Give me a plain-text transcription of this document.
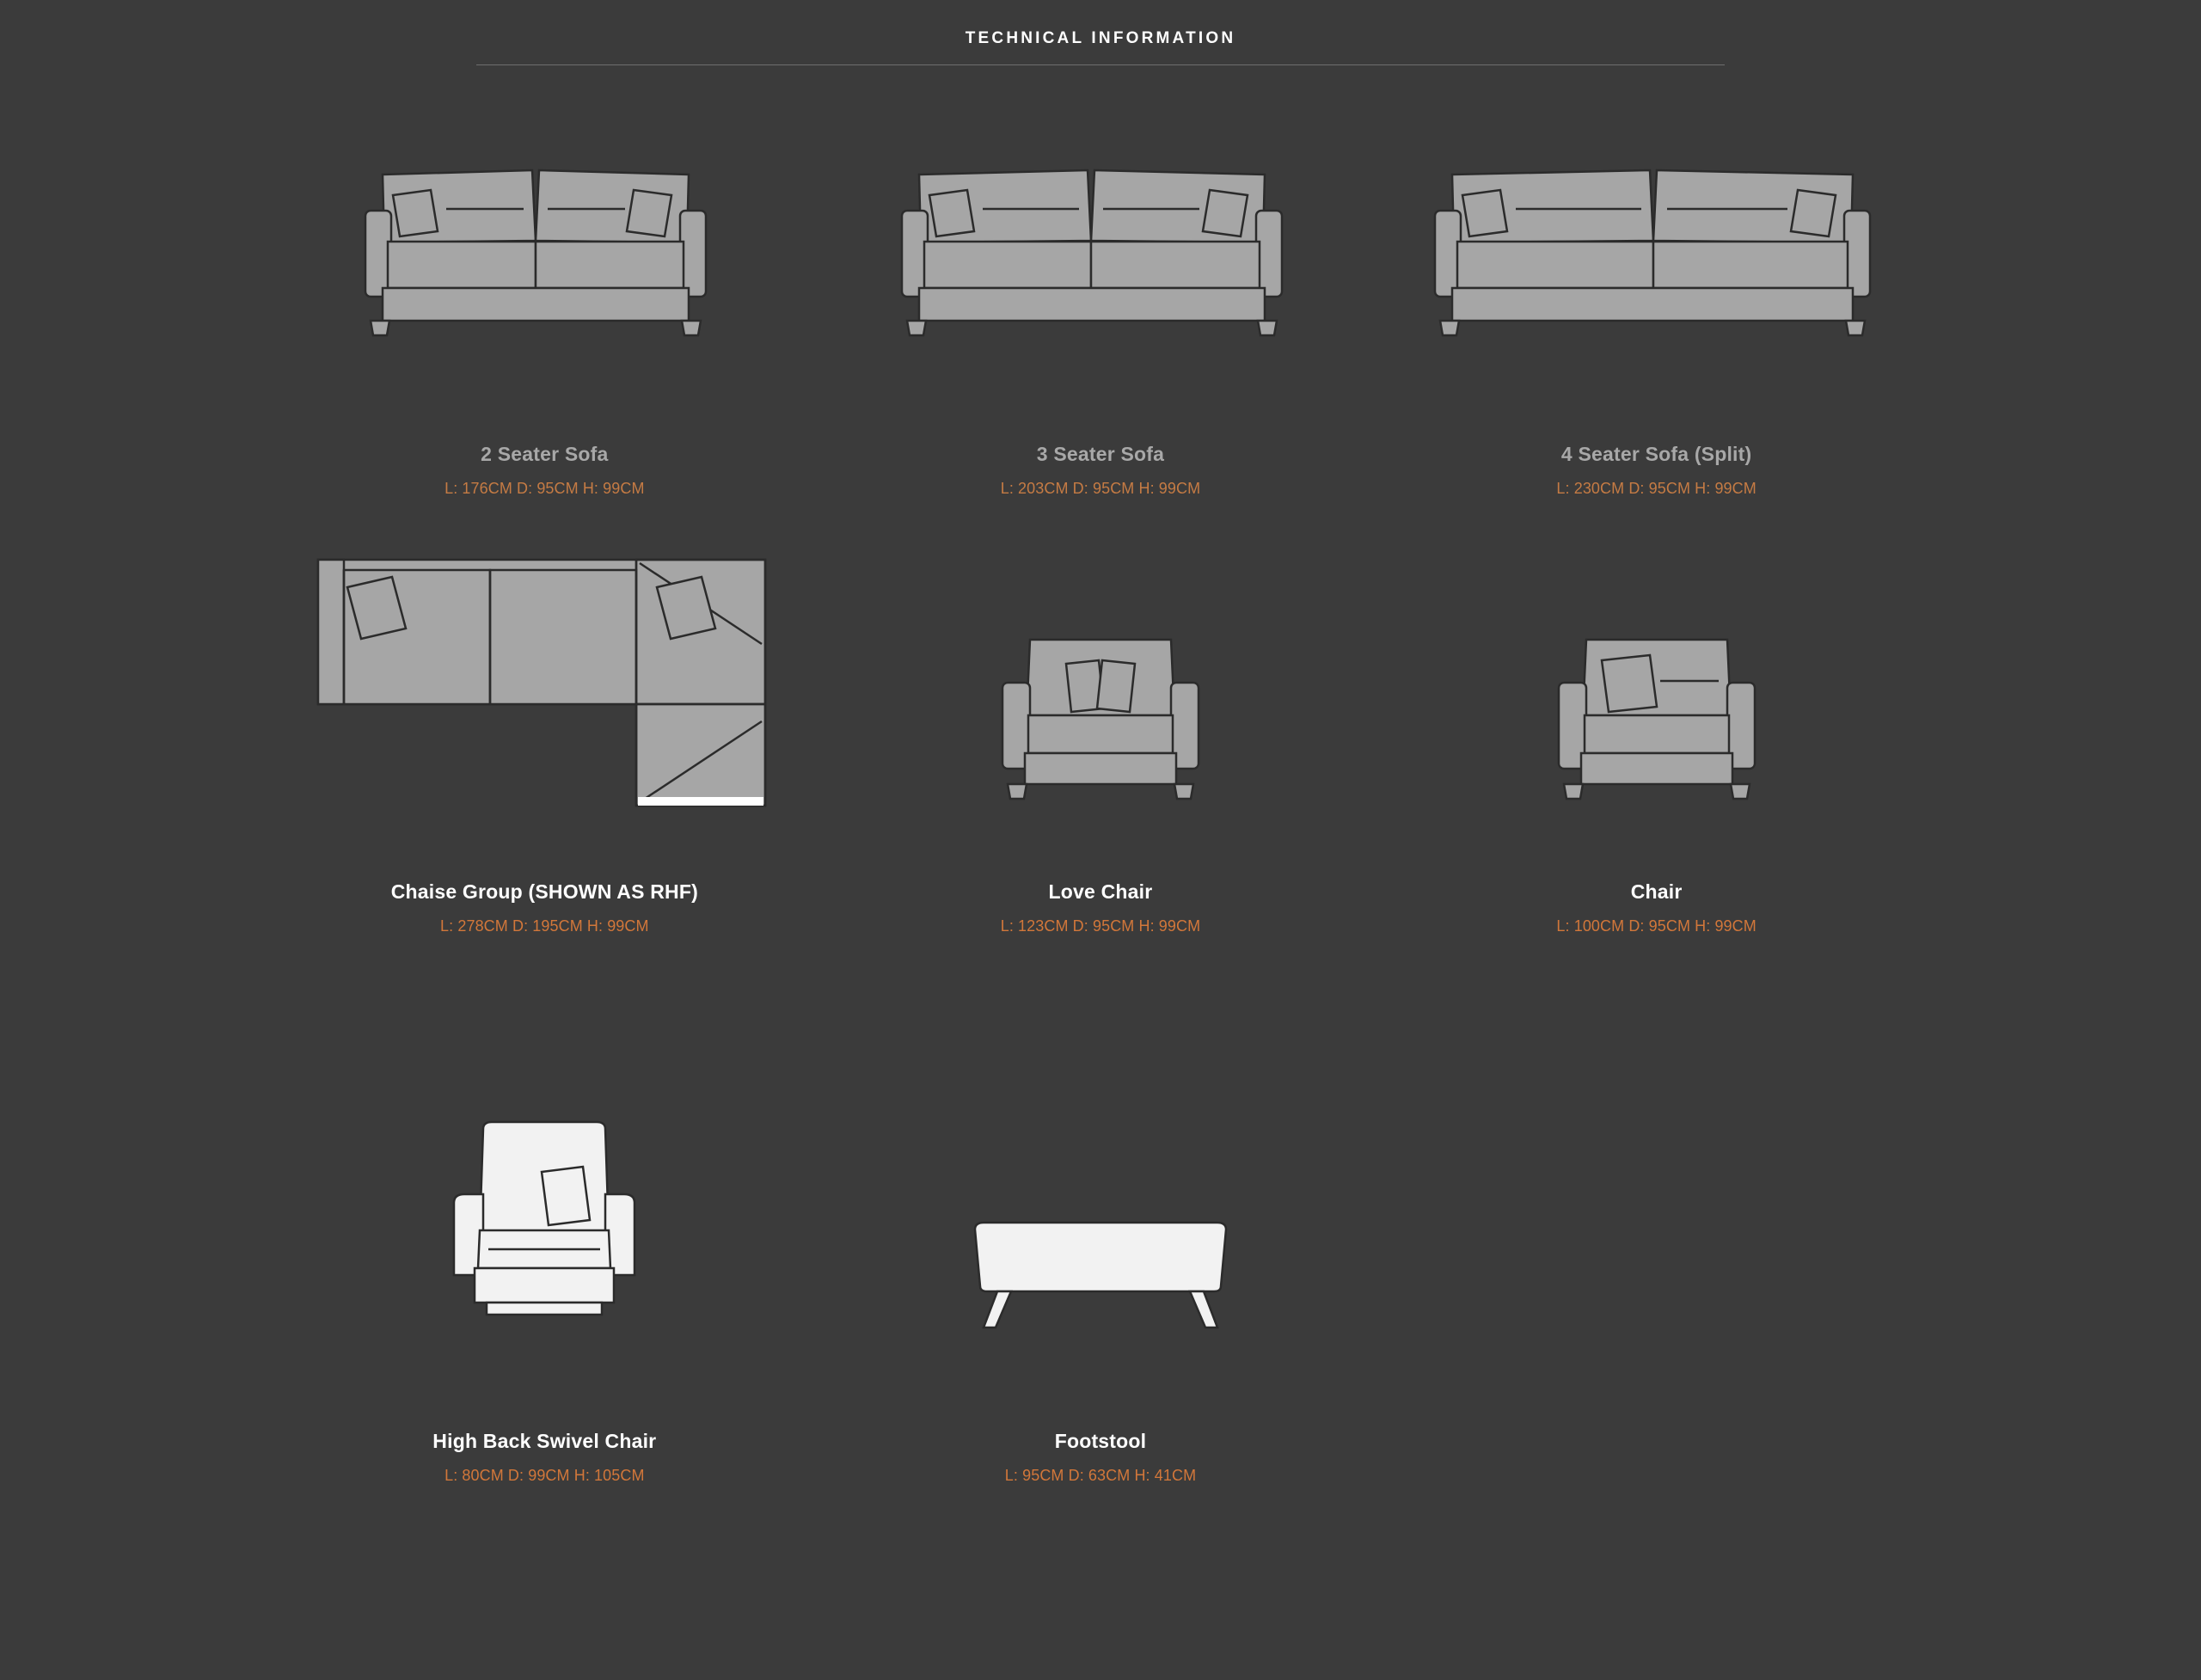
TECHNICAL INFORMATION
2 Seater Sofa
L: 176CM D: 95CM H: 99CM
3 Seater Sofa
L: 203CM D: 95CM H: 99CM
4 Seater Sofa (Split)
L: 230CM D: 95CM H: 99CM
Chaise Group (SHOWN AS RHF)
L: 278CM D: 195CM H: 99CM
Love Chair
L: 123CM D: 95CM H: 99CM
Chair
L: 100CM D: 95CM H: 99CM
High Back Swivel Chair
L: 80CM D: 99CM H: 105CM
Footstool
L: 95CM D: 63CM H: 41CM
